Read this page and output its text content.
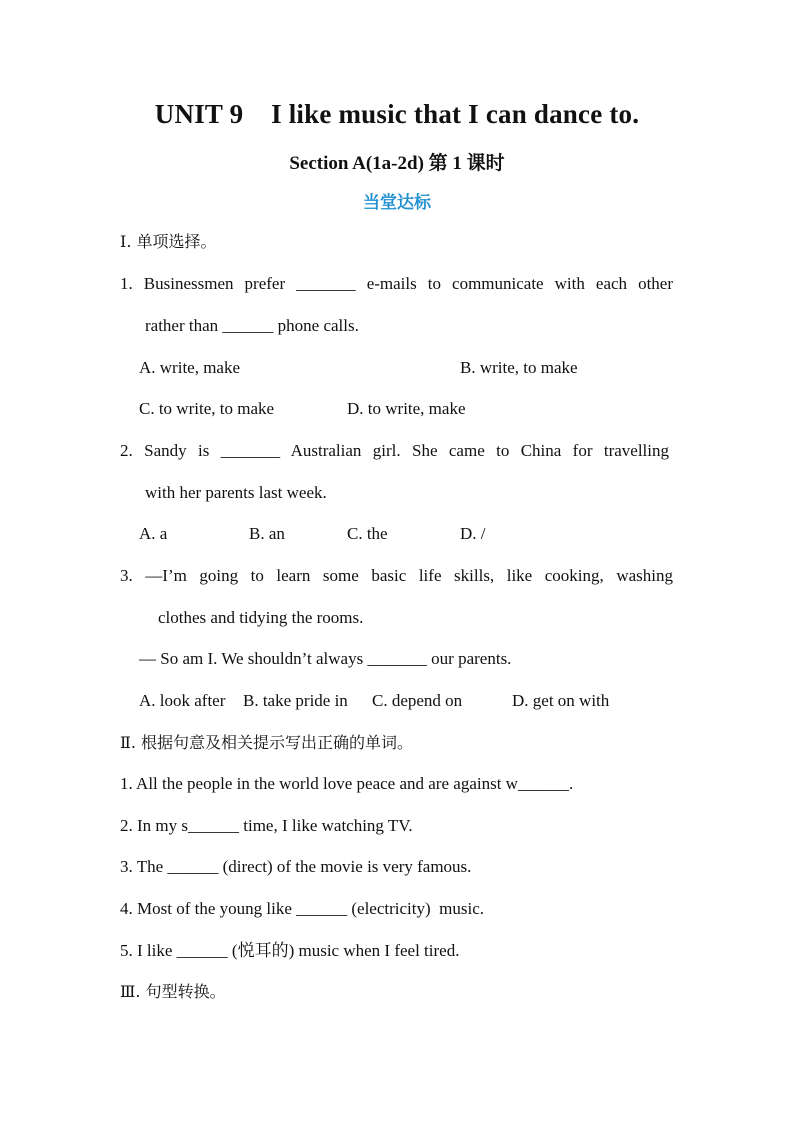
UNIT 9    I like music that I can dance to.
Section A(1a-2d) 第 1 课时
当堂达标
Ⅰ. 单项选择。
1. Businessmen prefer _______ e-mails to communicate with each other
rather than ______ phone calls.
A. write, make	B. write, to make
C. to write, to make	D. to write, make
2. Sandy is _______ Australian girl. She came to China for travelling
with her parents last week.
A. a	B. an	C. the	D. /
3. —I’m going to learn some basic life skills, like cooking, washing
clothes and tidying the rooms.
— So am I. We shouldn’t always _______ our parents.
A. look after B. take pride in C. depend on	D. get on with
Ⅱ. 根据句意及相关提示写出正确的单词。
1. All the people in the world love peace and are against w______.
2. In my s______ time, I like watching TV.
3. The ______ (direct) of the movie is very famous.
4. Most of the young like ______ (electricity)  music.
5. I like ______ (悦耳的) music when I feel tired.
Ⅲ. 句型转换。
